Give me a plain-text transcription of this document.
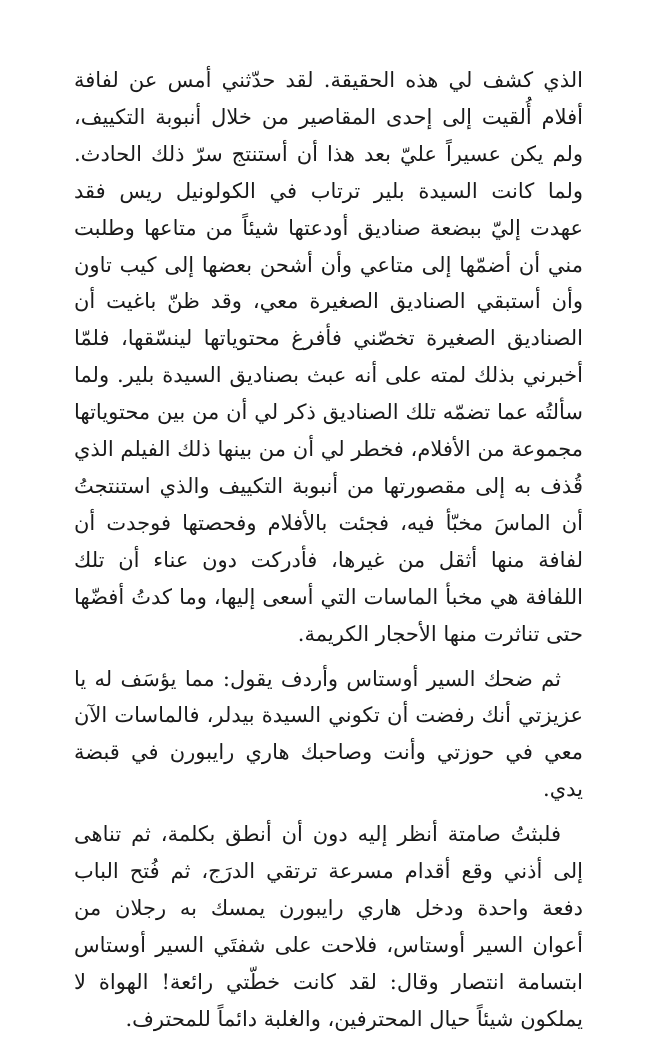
الذي كشف لي هذه الحقيقة. لقد حدّثني أمس عن لفافة أفلام أُلقيت إلى إحدى المقاصير من خلال أنبوبة التكييف، ولم يكن عسيراً عليّ بعد هذا أن أستنتج سرّ ذلك الحادث. ولما كانت السيدة بلير ترتاب في الكولونيل ريس فقد عهدت إليّ ببضعة صناديق أودعتها شيئاً من متاعها وطلبت مني أن أضمّها إلى متاعي وأن أشحن بعضها إلى كيب تاون وأن أستبقي الصناديق الصغيرة معي، وقد ظنّ باغيت أن الصناديق الصغيرة تخصّني فأفرغ محتوياتها لينسّقها، فلمّا أخبرني بذلك لمته على أنه عبث بصناديق السيدة بلير. ولما سألتُه عما تضمّه تلك الصناديق ذكر لي أن من بين محتوياتها مجموعة من الأفلام، فخطر لي أن من بينها ذلك الفيلم الذي قُذف به إلى مقصورتها من أنبوبة التكييف والذي استنتجتُ أن الماسَ مخبّأ فيه، فجئت بالأفلام وفحصتها فوجدت أن لفافة منها أثقل من غيرها، فأدركت دون عناء أن تلك اللفافة هي مخبأ الماسات التي أسعى إليها، وما كدتُ أفضّها حتى تناثرت منها الأحجار الكريمة.

ثم ضحك السير أوستاس وأردف يقول: مما يؤسَف له يا عزيزتي أنك رفضت أن تكوني السيدة بيدلر، فالماسات الآن معي في حوزتي وأنت وصاحبك هاري رايبورن في قبضة يدي.

فلبثتُ صامتة أنظر إليه دون أن أنطق بكلمة، ثم تناهى إلى أذني وقع أقدام مسرعة ترتقي الدرَج، ثم فُتح الباب دفعة واحدة ودخل هاري رايبورن يمسك به رجلان من أعوان السير أوستاس، فلاحت على شفتَي السير أوستاس ابتسامة انتصار وقال: لقد كانت خطّتي رائعة! الهواة لا يملكون شيئاً حيال المحترفين، والغلبة دائماً للمحترف.
